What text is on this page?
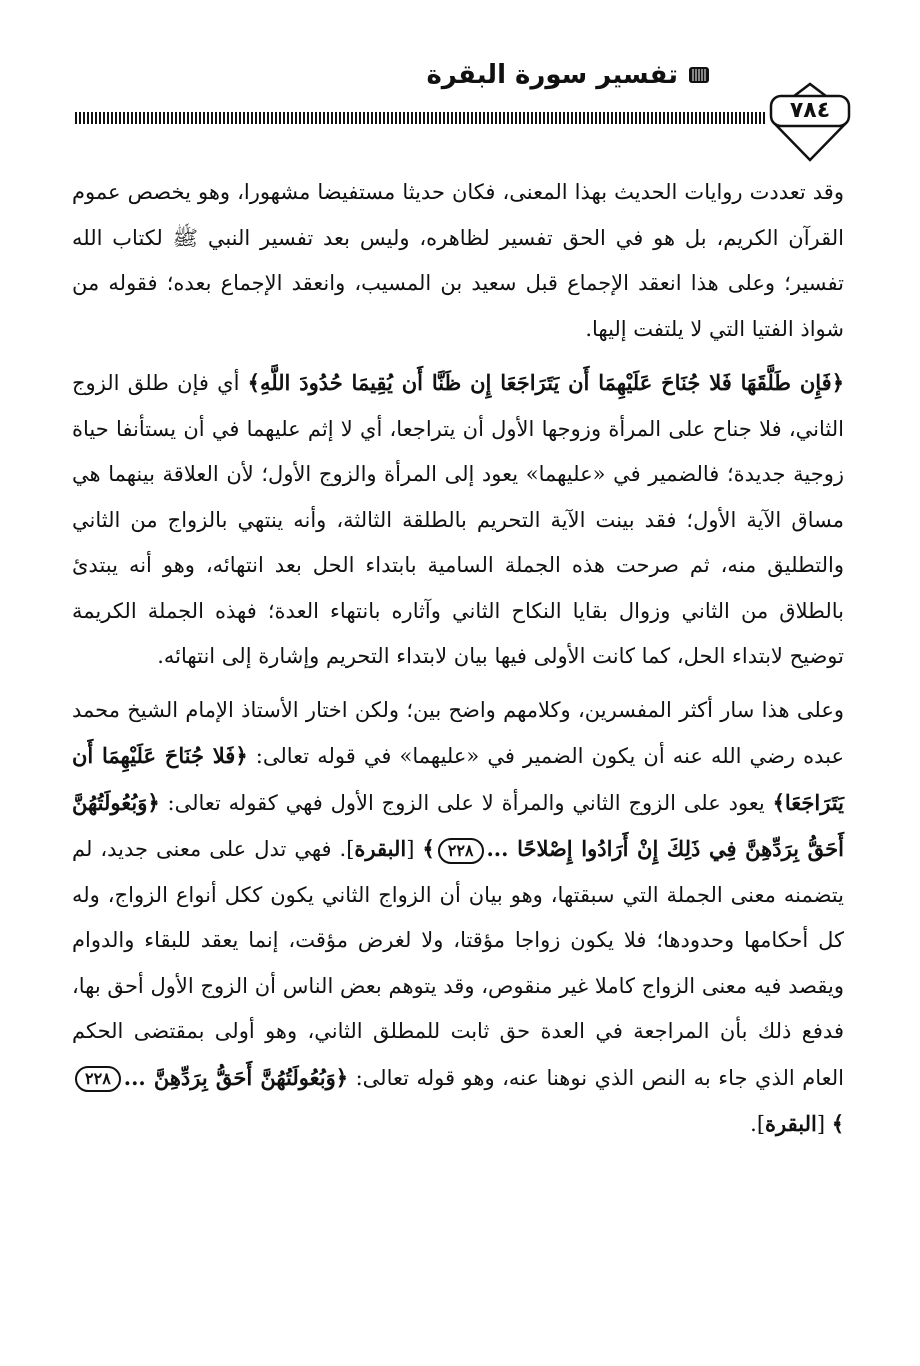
تفسير سورة البقرة
٧٨٤

وقد تعددت روايات الحديث بهذا المعنى، فكان حديثا مستفيضا مشهورا، وهو يخصص عموم القرآن الكريم، بل هو في الحق تفسير لظاهره، وليس بعد تفسير النبي ﷺ لكتاب الله تفسير؛ وعلى هذا انعقد الإجماع قبل سعيد بن المسيب، وانعقد الإجماع بعده؛ فقوله من شواذ الفتيا التي لا يلتفت إليها.

﴿فَإِن طَلَّقَهَا فَلا جُنَاحَ عَلَيْهِمَا أَن يَتَرَاجَعَا إِن ظَنَّا أَن يُقِيمَا حُدُودَ اللَّهِ﴾ أي فإن طلق الزوج الثاني، فلا جناح على المرأة وزوجها الأول أن يتراجعا، أي لا إثم عليهما في أن يستأنفا حياة زوجية جديدة؛ فالضمير في «عليهما» يعود إلى المرأة والزوج الأول؛ لأن العلاقة بينهما هي مساق الآية الأول؛ فقد بينت الآية التحريم بالطلقة الثالثة، وأنه ينتهي بالزواج من الثاني والتطليق منه، ثم صرحت هذه الجملة السامية بابتداء الحل بعد انتهائه، وهو أنه يبتدئ بالطلاق من الثاني وزوال بقايا النكاح الثاني وآثاره بانتهاء العدة؛ فهذه الجملة الكريمة توضيح لابتداء الحل، كما كانت الأولى فيها بيان لابتداء التحريم وإشارة إلى انتهائه.

وعلى هذا سار أكثر المفسرين، وكلامهم واضح بين؛ ولكن اختار الأستاذ الإمام الشيخ محمد عبده رضي الله عنه أن يكون الضمير في «عليهما» في قوله تعالى: ﴿فَلا جُنَاحَ عَلَيْهِمَا أَن يَتَرَاجَعَا﴾ يعود على الزوج الثاني والمرأة لا على الزوج الأول فهي كقوله تعالى: ﴿وَبُعُولَتُهُنَّ أَحَقُّ بِرَدِّهِنَّ فِي ذَلِكَ إِنْ أَرَادُوا إِصْلاحًا ...٢٢٨﴾ [البقرة]. فهي تدل على معنى جديد، لم يتضمنه معنى الجملة التي سبقتها، وهو بيان أن الزواج الثاني يكون ككل أنواع الزواج، وله كل أحكامها وحدودها؛ فلا يكون زواجا مؤقتا، ولا لغرض مؤقت، إنما يعقد للبقاء والدوام ويقصد فيه معنى الزواج كاملا غير منقوص، وقد يتوهم بعض الناس أن الزوج الأول أحق بها، فدفع ذلك بأن المراجعة في العدة حق ثابت للمطلق الثاني، وهو أولى بمقتضى الحكم العام الذي جاء به النص الذي نوهنا عنه، وهو قوله تعالى: ﴿وَبُعُولَتُهُنَّ أَحَقُّ بِرَدِّهِنَّ ...٢٢٨﴾ [البقرة].
